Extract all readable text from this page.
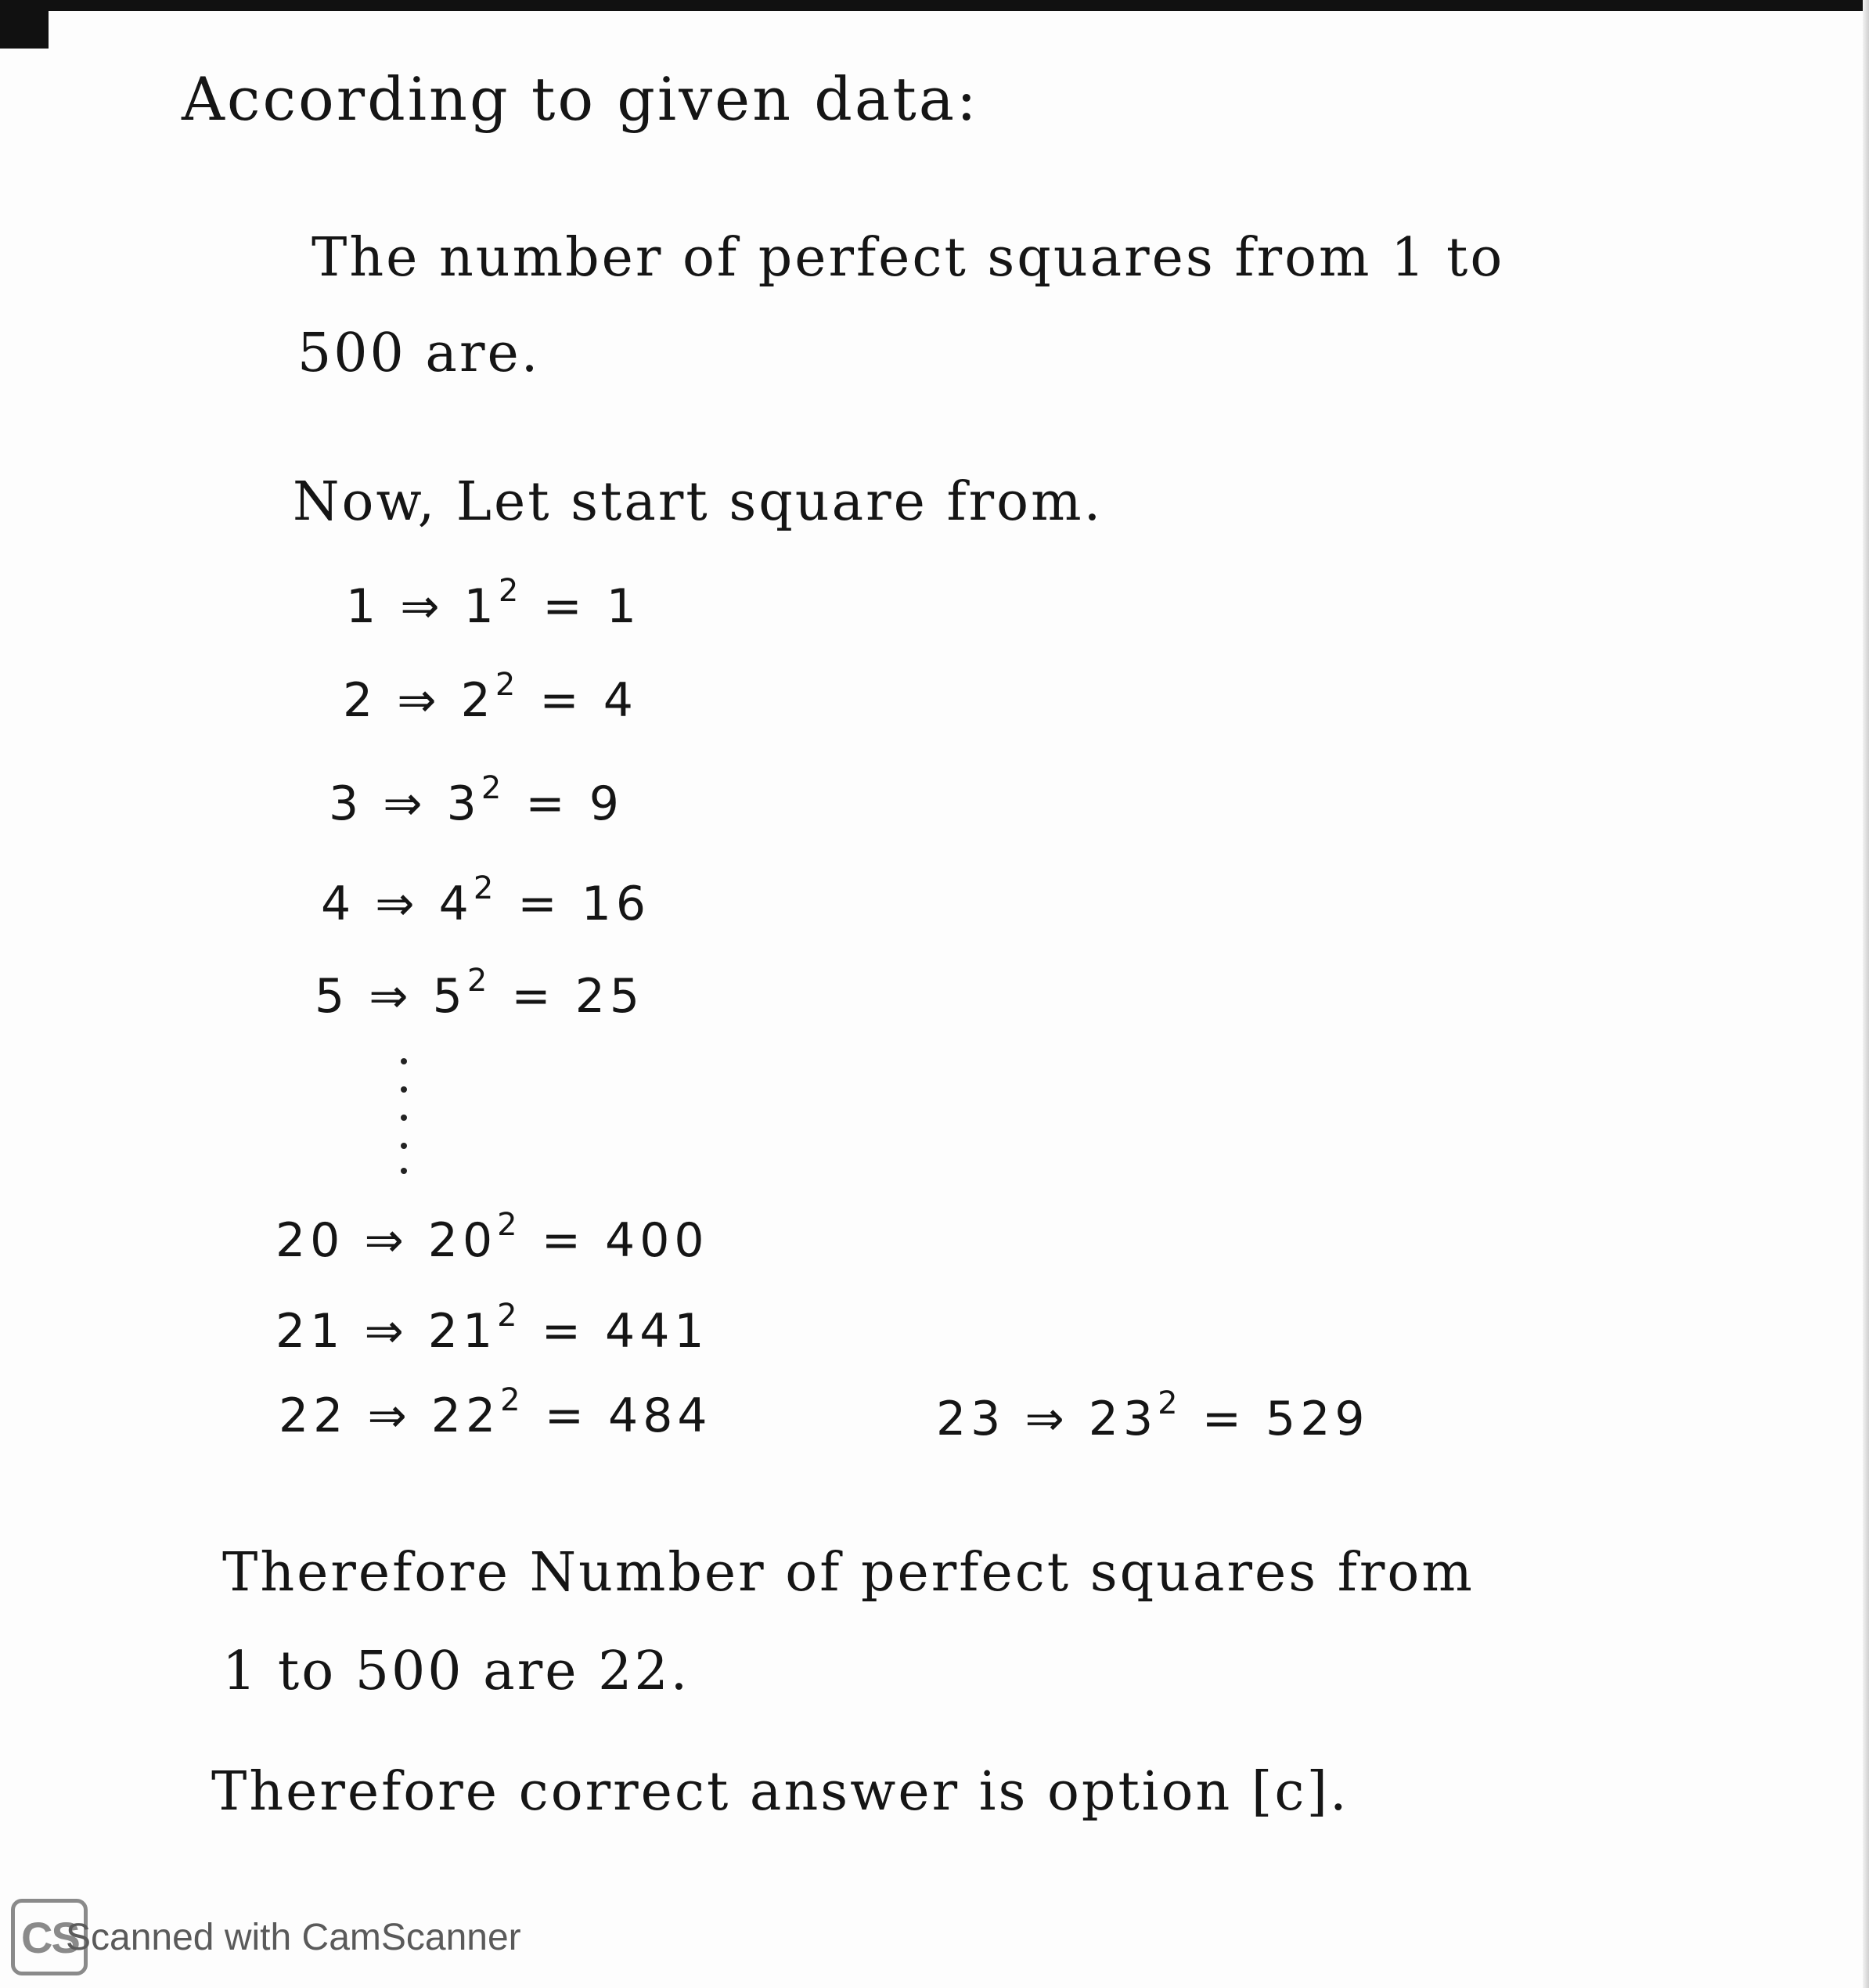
According to given data:
The number of perfect squares from 1 to
500 are.
Now, Let start square from.
1 ⇒ $1^2 = 1$
2 ⇒ $2^2 = 4$
3 ⇒ $3^2 = 9$
4 ⇒ $4^2 = 16$
5 ⇒ $5^2 = 25$
20 ⇒ $20^2 = 400$
21 ⇒ $21^2 = 441$
22 ⇒ $22^2 = 484$	23 ⇒ $23^2 = 529$
Therefore Number of perfect squares from
1 to 500 are 22.
Therefore correct answer is option [c].
CS
Scanned with CamScanner
